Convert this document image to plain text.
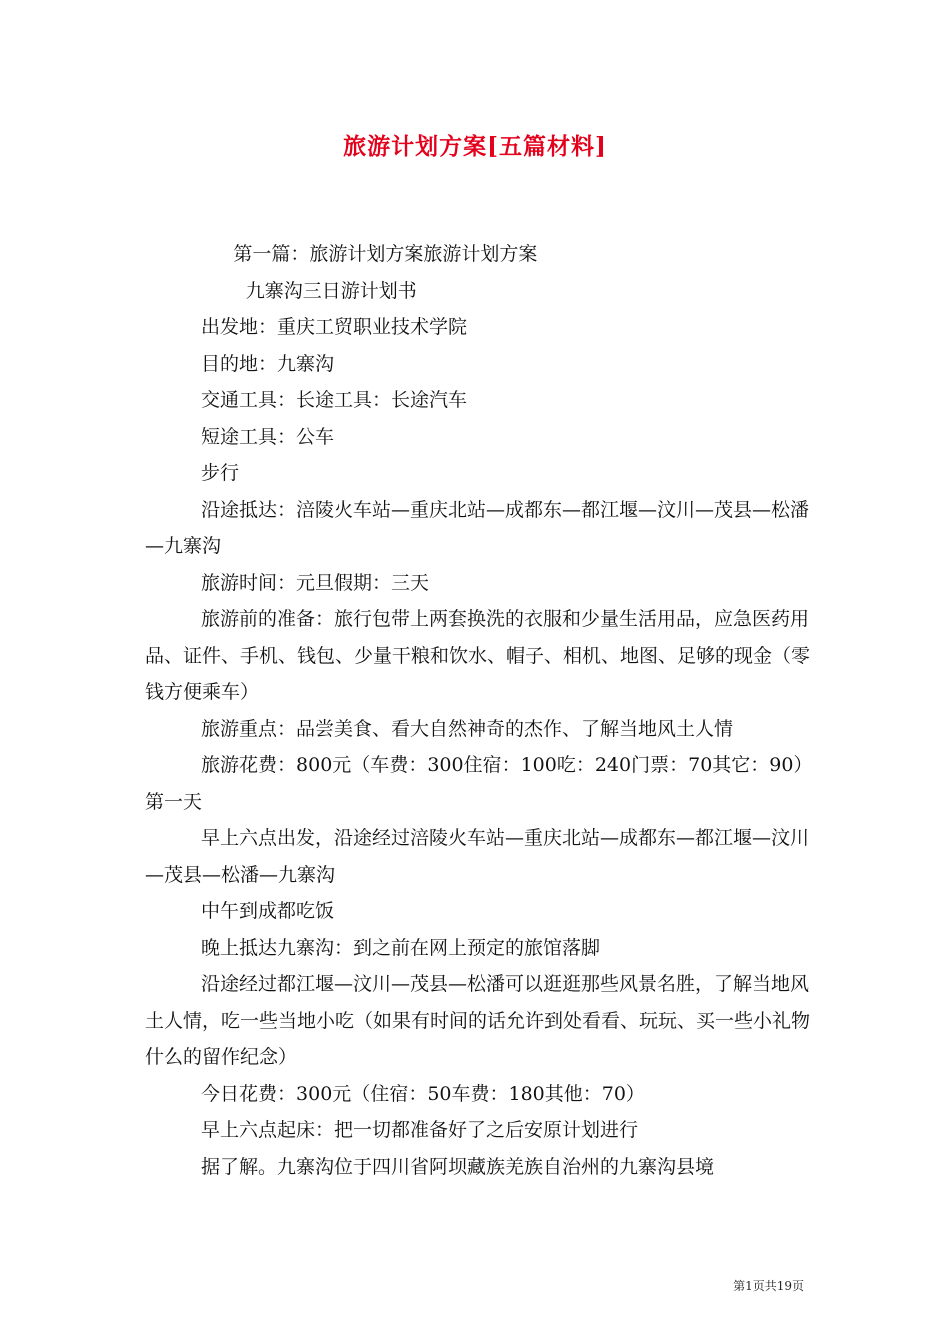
旅游计划方案[五篇材料]

第一篇：旅游计划方案旅游计划方案

九寨沟三日游计划书

出发地：重庆工贸职业技术学院

目的地：九寨沟

交通工具：长途工具：长途汽车

短途工具：公车

步行

沿途抵达：涪陵火车站—重庆北站—成都东—都江堰—汶川—茂县—松潘—九寨沟

旅游时间：元旦假期：三天

旅游前的准备：旅行包带上两套换洗的衣服和少量生活用品，应急医药用品、证件、手机、钱包、少量干粮和饮水、帽子、相机、地图、足够的现金（零钱方便乘车）

旅游重点：品尝美食、看大自然神奇的杰作、了解当地风土人情

旅游花费：800元（车费：300住宿：100吃：240门票：70其它：90）第一天

早上六点出发，沿途经过涪陵火车站—重庆北站—成都东—都江堰—汶川—茂县—松潘—九寨沟

中午到成都吃饭

晚上抵达九寨沟：到之前在网上预定的旅馆落脚

沿途经过都江堰—汶川—茂县—松潘可以逛逛那些风景名胜，了解当地风土人情，吃一些当地小吃（如果有时间的话允许到处看看、玩玩、买一些小礼物什么的留作纪念）

今日花费：300元（住宿：50车费：180其他：70）

早上六点起床：把一切都准备好了之后安原计划进行

据了解。九寨沟位于四川省阿坝藏族羌族自治州的九寨沟县境

第1页共19页
